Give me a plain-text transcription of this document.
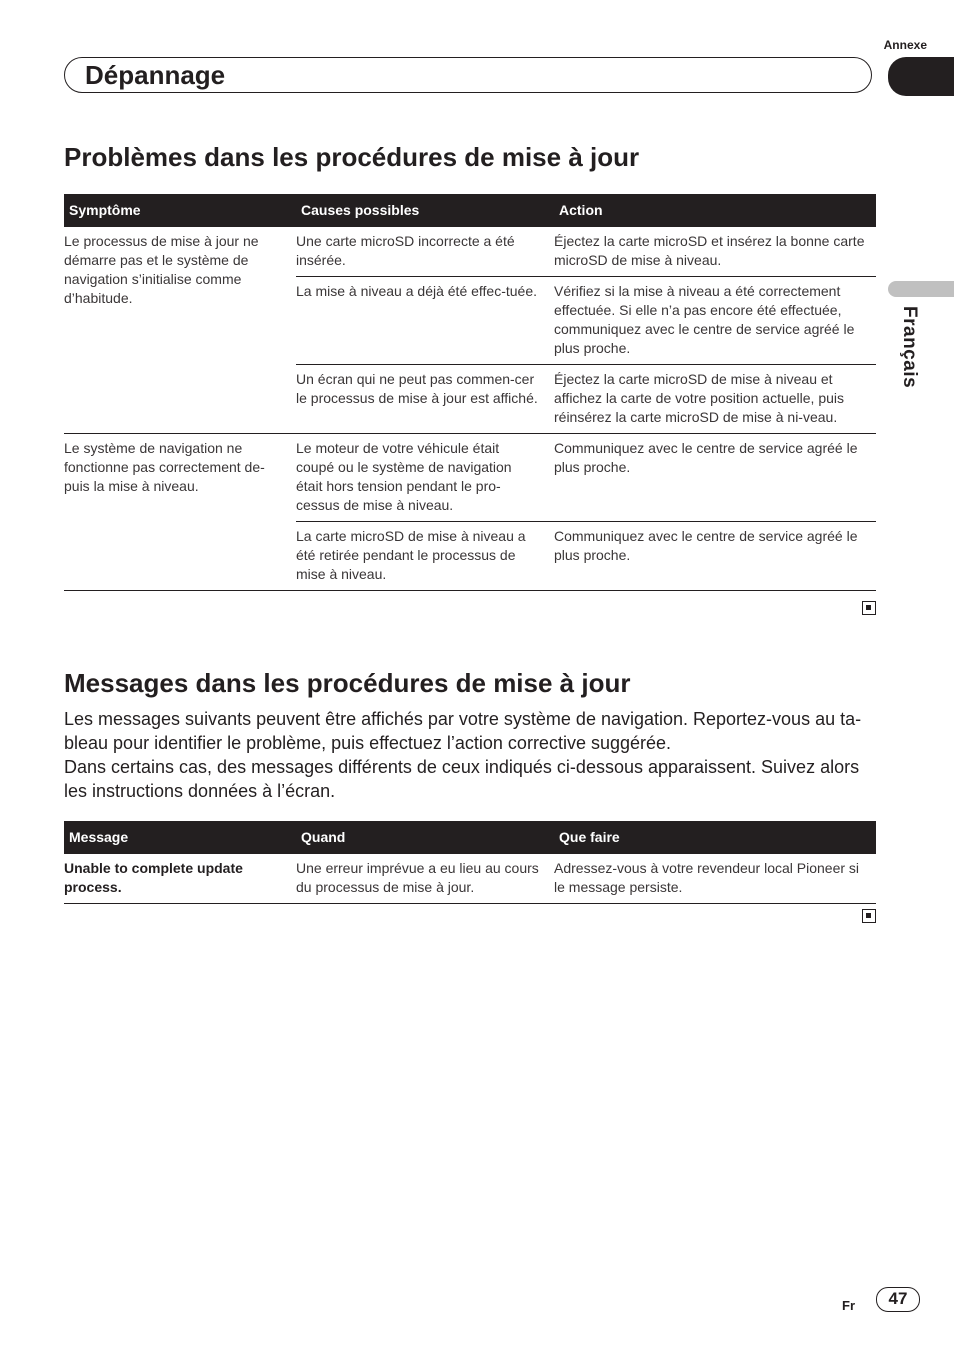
Annexe
Dépannage
Français
Problèmes dans les procédures de mise à jour
Symptôme	Causes possibles	Action
Le processus de mise à jour ne démarre pas et le système de navigation s’initialise comme d’habitude.	Une carte microSD incorrecte a été insérée.	Éjectez la carte microSD et insérez la bonne carte microSD de mise à niveau.
	La mise à niveau a déjà été effec-tuée.	Vérifiez si la mise à niveau a été correctement effectuée. Si elle n’a pas encore été effectuée, communiquez avec le centre de service agréé le plus proche.
	Un écran qui ne peut pas commen-cer le processus de mise à jour est affiché.	Éjectez la carte microSD de mise à niveau et affichez la carte de votre position actuelle, puis réinsérez la carte microSD de mise à ni-veau.
Le système de navigation ne fonctionne pas correctement de-puis la mise à niveau.	Le moteur de votre véhicule était coupé ou le système de navigation était hors tension pendant le pro-cessus de mise à niveau.	Communiquez avec le centre de service agréé le plus proche.
	La carte microSD de mise à niveau a été retirée pendant le processus de mise à niveau.	Communiquez avec le centre de service agréé le plus proche.
Messages dans les procédures de mise à jour

Les messages suivants peuvent être affichés par votre système de navigation. Reportez-vous au ta-bleau pour identifier le problème, puis effectuez l’action corrective suggérée.

Dans certains cas, des messages différents de ceux indiqués ci-dessous apparaissent. Suivez alors les instructions données à l’écran.

Message	Quand	Que faire
Unable to complete update process.	Une erreur imprévue a eu lieu au cours du processus de mise à jour.	Adressez-vous à votre revendeur local Pioneer si le message persiste.
Fr	47
